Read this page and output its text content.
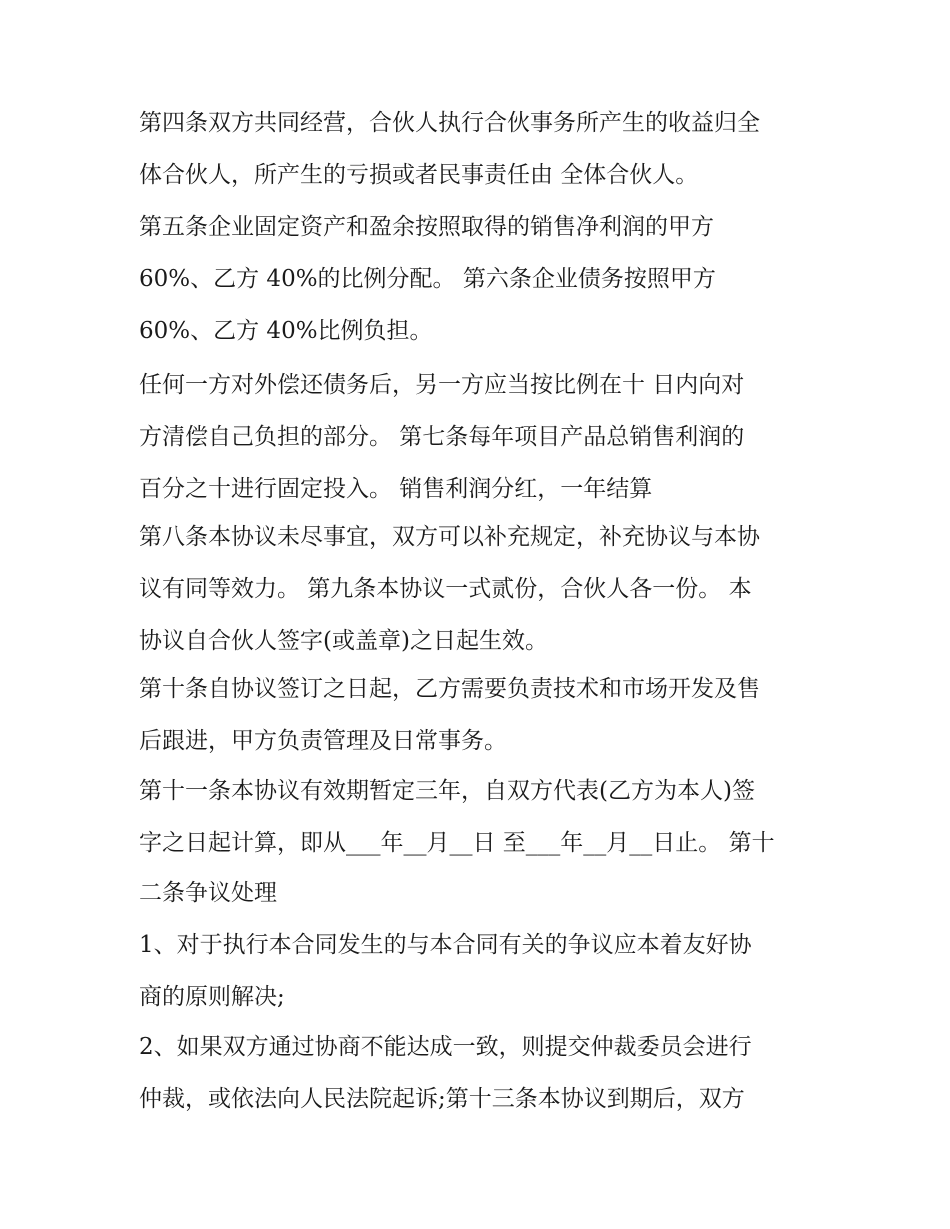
第四条双方共同经营，合伙人执行合伙事务所产生的收益归全
体合伙人，所产生的亏损或者民事责任由 全体合伙人。
第五条企业固定资产和盈余按照取得的销售净利润的甲方
60%、乙方 40%的比例分配。 第六条企业债务按照甲方
60%、乙方 40%比例负担。
任何一方对外偿还债务后，另一方应当按比例在十 日内向对
方清偿自己负担的部分。 第七条每年项目产品总销售利润的
百分之十进行固定投入。 销售利润分红，一年结算
第八条本协议未尽事宜，双方可以补充规定，补充协议与本协
议有同等效力。 第九条本协议一式贰份，合伙人各一份。 本
协议自合伙人签字(或盖章)之日起生效。
第十条自协议签订之日起，乙方需要负责技术和市场开发及售
后跟进，甲方负责管理及日常事务。
第十一条本协议有效期暂定三年，自双方代表(乙方为本人)签
字之日起计算，即从___年__月__日 至___年__月__日止。 第十
二条争议处理
1、对于执行本合同发生的与本合同有关的争议应本着友好协
商的原则解决;
2、如果双方通过协商不能达成一致，则提交仲裁委员会进行
仲裁，或依法向人民法院起诉;第十三条本协议到期后，双方
